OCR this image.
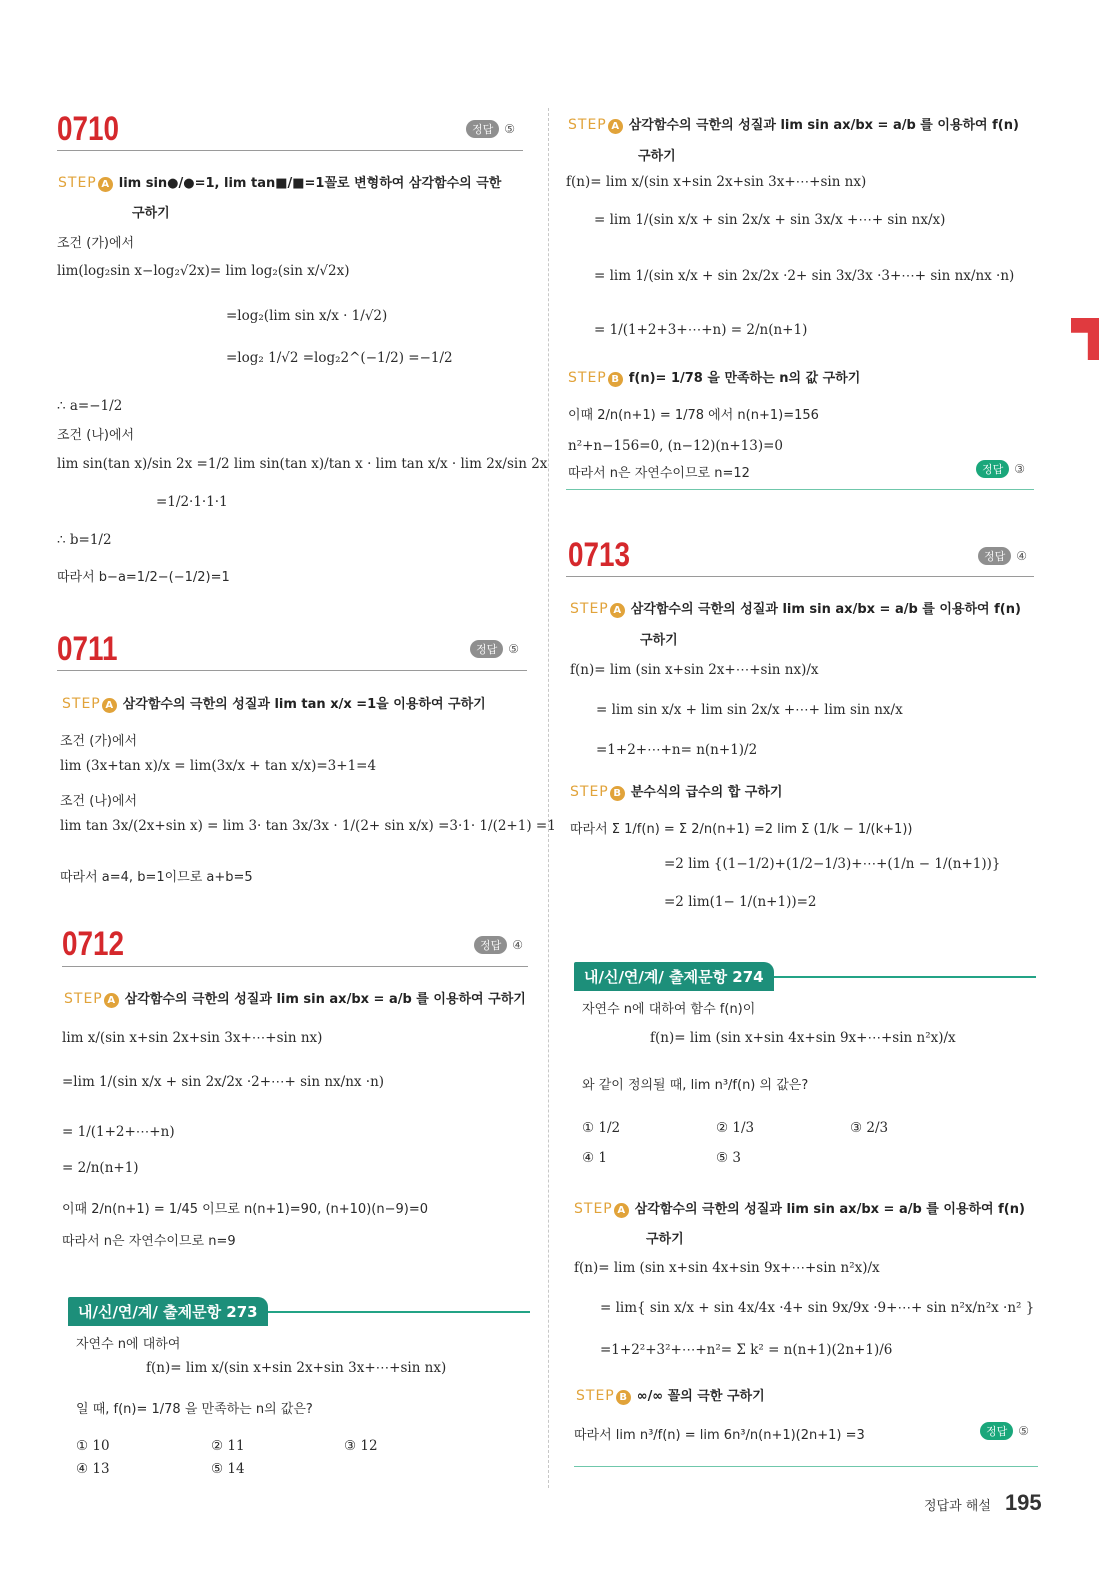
0710	정답 ⑤
STEP A lim sin●/●=1, lim tan■/■=1꼴로 변형하여 삼각함수의 극한
구하기
조건 (가)에서
lim(log₂sin x−log₂√2x)= lim log₂(sin x/√2x)
=log₂(lim sin x/x · 1/√2)
=log₂ 1/√2 =log₂2^(−1/2) =−1/2
∴ a=−1/2
조건 (나)에서
lim sin(tan x)/sin 2x =1/2 lim sin(tan x)/tan x · lim tan x/x · lim 2x/sin 2x
=1/2·1·1·1
∴ b=1/2
따라서 b−a=1/2−(−1/2)=1
0711	정답 ⑤
STEP A 삼각함수의 극한의 성질과 lim tan x/x =1을 이용하여 구하기
조건 (가)에서
lim (3x+tan x)/x = lim(3x/x + tan x/x)=3+1=4
조건 (나)에서
lim tan 3x/(2x+sin x) = lim 3· tan 3x/3x · 1/(2+ sin x/x) =3·1· 1/(2+1) =1
따라서 a=4, b=1이므로 a+b=5
0712	정답 ④
STEP A 삼각함수의 극한의 성질과 lim sin ax/bx = a/b 를 이용하여 구하기
lim x/(sin x+sin 2x+sin 3x+⋯+sin nx)
=lim 1/(sin x/x + sin 2x/2x ·2+⋯+ sin nx/nx ·n)
= 1/(1+2+⋯+n)
= 2/n(n+1)
이때 2/n(n+1) = 1/45 이므로 n(n+1)=90, (n+10)(n−9)=0
따라서 n은 자연수이므로 n=9
내/신/연/계/ 출제문항 273
자연수 n에 대하여
f(n)= lim x/(sin x+sin 2x+sin 3x+⋯+sin nx)
일 때, f(n)= 1/78 을 만족하는 n의 값은?
① 10	② 11	③ 12
④ 13	⑤ 14
STEP A 삼각함수의 극한의 성질과 lim sin ax/bx = a/b 를 이용하여 f(n)
구하기
f(n)= lim x/(sin x+sin 2x+sin 3x+⋯+sin nx)
= lim 1/(sin x/x + sin 2x/x + sin 3x/x +⋯+ sin nx/x)
= lim 1/(sin x/x + sin 2x/2x ·2+ sin 3x/3x ·3+⋯+ sin nx/nx ·n)
= 1/(1+2+3+⋯+n) = 2/n(n+1)
STEP B f(n)= 1/78 을 만족하는 n의 값 구하기
이때 2/n(n+1) = 1/78 에서 n(n+1)=156
n²+n−156=0, (n−12)(n+13)=0
따라서 n은 자연수이므로 n=12	정답 ③
0713	정답 ④
STEP A 삼각함수의 극한의 성질과 lim sin ax/bx = a/b 를 이용하여 f(n)
구하기
f(n)= lim (sin x+sin 2x+⋯+sin nx)/x
= lim sin x/x + lim sin 2x/x +⋯+ lim sin nx/x
=1+2+⋯+n= n(n+1)/2
STEP B 분수식의 급수의 합 구하기
따라서 Σ 1/f(n) = Σ 2/n(n+1) =2 lim Σ (1/k − 1/(k+1))
=2 lim {(1−1/2)+(1/2−1/3)+⋯+(1/n − 1/(n+1))}
=2 lim(1− 1/(n+1))=2
내/신/연/계/ 출제문항 274
자연수 n에 대하여 함수 f(n)이
f(n)= lim (sin x+sin 4x+sin 9x+⋯+sin n²x)/x
와 같이 정의될 때, lim n³/f(n) 의 값은?
① 1/2	② 1/3	③ 2/3
④ 1	⑤ 3
STEP A 삼각함수의 극한의 성질과 lim sin ax/bx = a/b 를 이용하여 f(n)
구하기
f(n)= lim (sin x+sin 4x+sin 9x+⋯+sin n²x)/x
= lim{ sin x/x + sin 4x/4x ·4+ sin 9x/9x ·9+⋯+ sin n²x/n²x ·n² }
=1+2²+3²+⋯+n²= Σ k² = n(n+1)(2n+1)/6
STEP B ∞/∞ 꼴의 극한 구하기
따라서 lim n³/f(n) = lim 6n³/n(n+1)(2n+1) =3	정답 ⑤
정답과 해설 195
